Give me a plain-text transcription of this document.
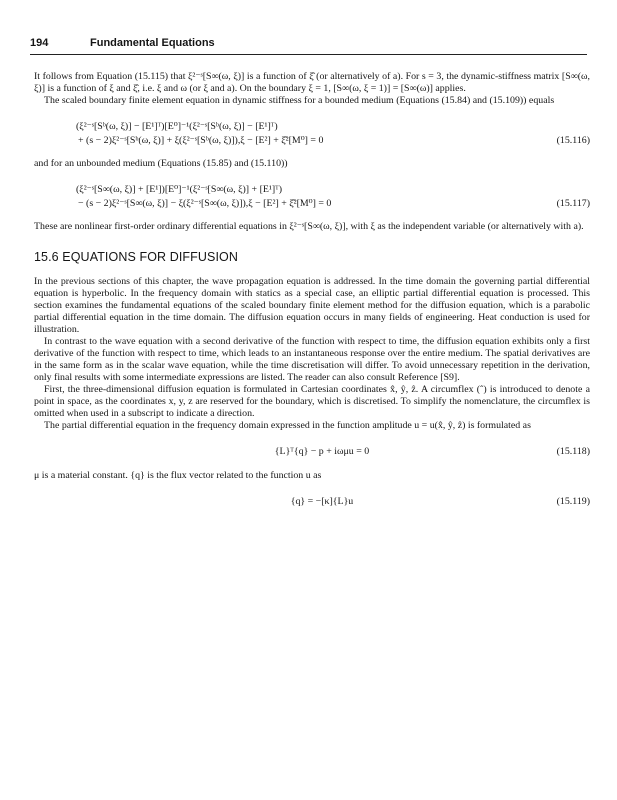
194	Fundamental Equations

It follows from Equation (15.115) that ξ²⁻ˢ[S∞(ω, ξ)] is a function of ξ̂ (or alternatively of a). For s = 3, the dynamic-stiffness matrix [S∞(ω, ξ)] is a function of ξ and ξ̂, i.e. ξ and ω (or ξ and a). On the boundary ξ = 1, [S∞(ω, ξ = 1)] = [S∞(ω)] applies.

The scaled boundary finite element equation in dynamic stiffness for a bounded medium (Equations (15.84) and (15.109)) equals

(ξ²⁻ˢ[Sᵇ(ω, ξ)] − [E¹]ᵀ)[E⁰]⁻¹(ξ²⁻ˢ[Sᵇ(ω, ξ)] − [E¹]ᵀ)
+ (s − 2)ξ²⁻ˢ[Sᵇ(ω, ξ)] + ξ(ξ²⁻ˢ[Sᵇ(ω, ξ)]),ξ − [E²] + ξ̂²[M⁰] = 0	(15.116)

and for an unbounded medium (Equations (15.85) and (15.110))

(ξ²⁻ˢ[S∞(ω, ξ)] + [E¹])[E⁰]⁻¹(ξ²⁻ˢ[S∞(ω, ξ)] + [E¹]ᵀ)
− (s − 2)ξ²⁻ˢ[S∞(ω, ξ)] − ξ(ξ²⁻ˢ[S∞(ω, ξ)]),ξ − [E²] + ξ̂²[M⁰] = 0	(15.117)

These are nonlinear first-order ordinary differential equations in ξ²⁻ˢ[S∞(ω, ξ)], with ξ as the independent variable (or alternatively with a).

15.6 EQUATIONS FOR DIFFUSION

In the previous sections of this chapter, the wave propagation equation is addressed. In the time domain the governing partial differential equation is hyperbolic. In the frequency domain with statics as a special case, an elliptic partial differential equation is processed. This section examines the fundamental equations of the scaled boundary finite element method for the diffusion equation, which is a parabolic partial differential equation in the time domain. The diffusion equation occurs in many fields of engineering. Heat conduction is used for illustration.

In contrast to the wave equation with a second derivative of the function with respect to time, the diffusion equation exhibits only a first derivative of the function with respect to time, which leads to an instantaneous response over the entire medium. The spatial derivatives are in the same form as in the scalar wave equation, while the time discretisation will differ. To avoid unnecessary repetition in the derivation, only final results with some intermediate expressions are listed. The reader can also consult Reference [S9].

First, the three-dimensional diffusion equation is formulated in Cartesian coordinates x̂, ŷ, ẑ. A circumflex (ˆ) is introduced to denote a point in space, as the coordinates x, y, z are reserved for the boundary, which is discretised. To simplify the nomenclature, the circumflex is omitted when used in a subscript to indicate a direction.

The partial differential equation in the frequency domain expressed in the function amplitude u = u(x̂, ŷ, ẑ) is formulated as

{L}ᵀ{q} − p + iωμu = 0	(15.118)

μ is a material constant. {q} is the flux vector related to the function u as

{q} = −[κ]{L}u	(15.119)
